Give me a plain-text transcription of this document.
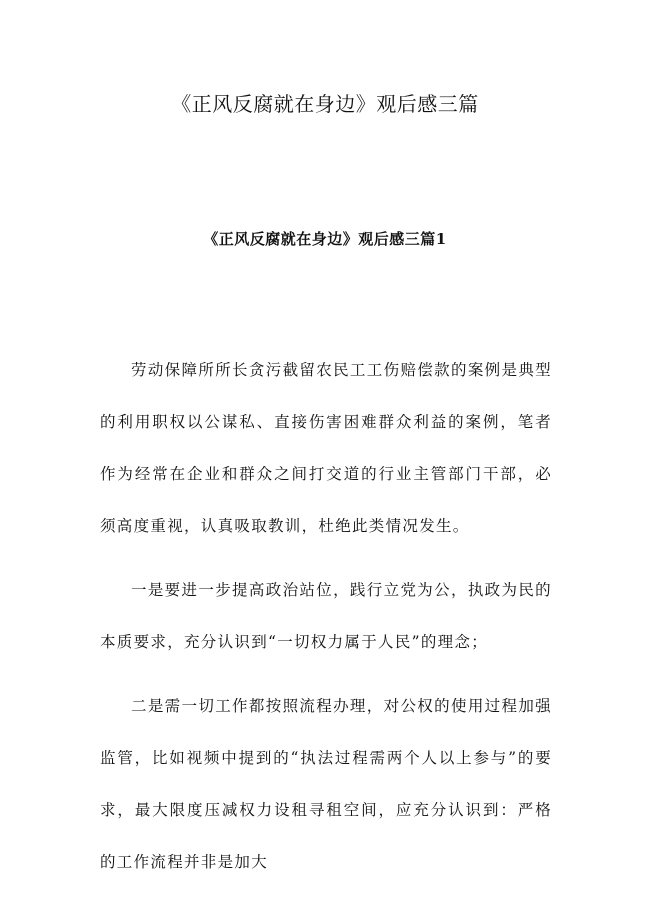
《正风反腐就在身边》观后感三篇
《正风反腐就在身边》观后感三篇1

劳动保障所所长贪污截留农民工工伤赔偿款的案例是典型的利用职权以公谋私、直接伤害困难群众利益的案例，笔者作为经常在企业和群众之间打交道的行业主管部门干部，必须高度重视，认真吸取教训，杜绝此类情况发生。

一是要进一步提高政治站位，践行立党为公，执政为民的本质要求，充分认识到“一切权力属于人民”的理念；

二是需一切工作都按照流程办理，对公权的使用过程加强监管，比如视频中提到的“执法过程需两个人以上参与”的要求，最大限度压减权力设租寻租空间，应充分认识到：严格的工作流程并非是加大
